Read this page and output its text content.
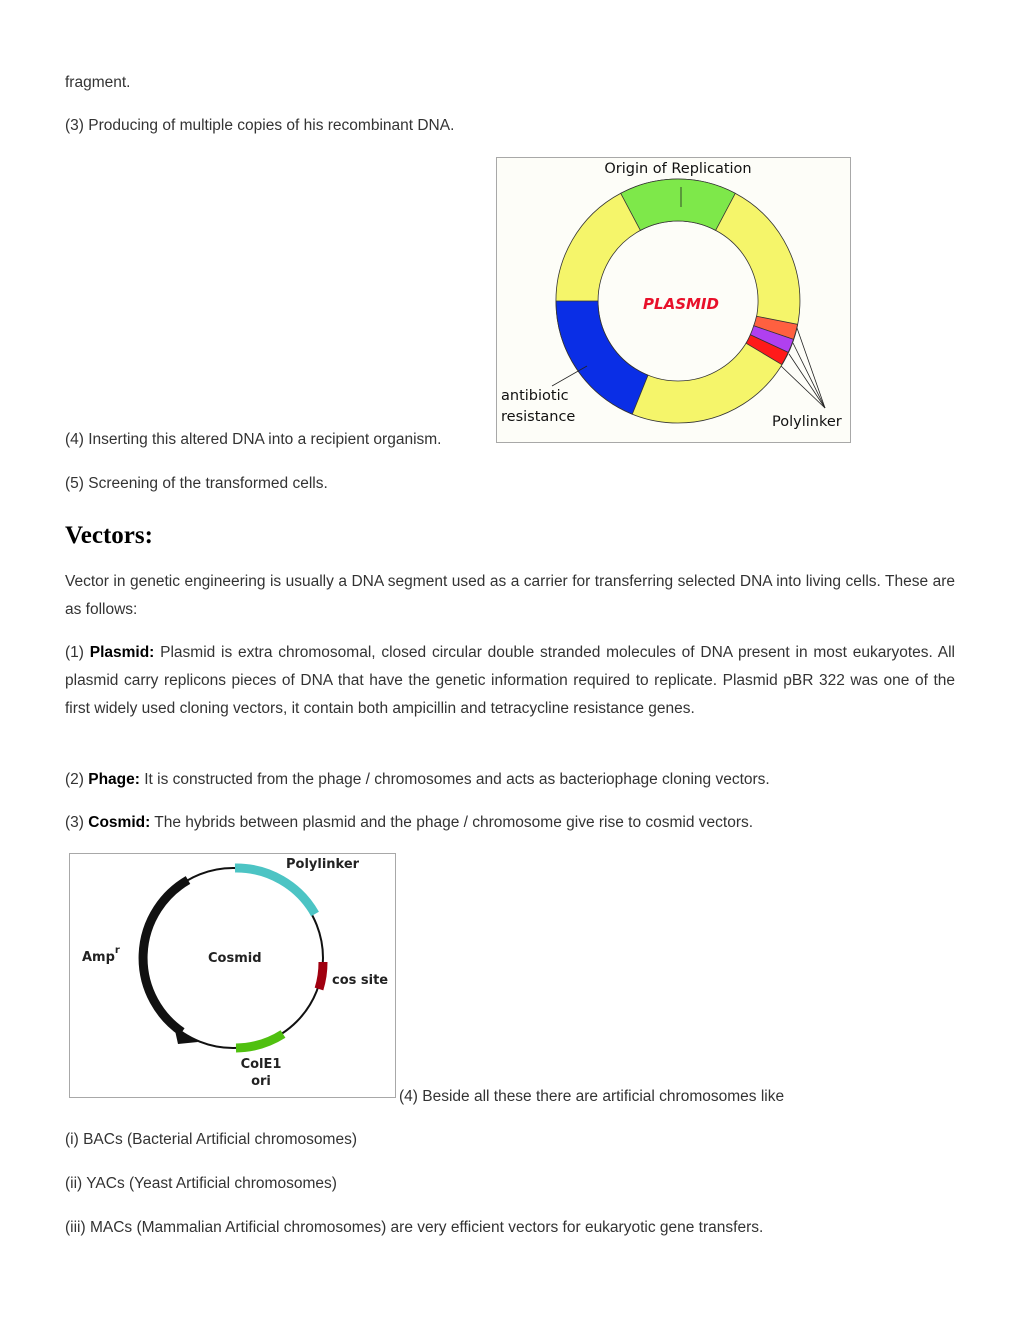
fragment.

(3) Producing of multiple copies of his recombinant DNA.

Origin of Replication
PLASMID
antibiotic
resistance	Polylinker

(4) Inserting this altered DNA into a recipient organism.

(5) Screening of the transformed cells.

Vectors:

Vector in genetic engineering is usually a DNA segment used as a carrier for transferring selected DNA into living cells. These are as follows:

(1) Plasmid: Plasmid is extra chromosomal, closed circular double stranded molecules of DNA present in most eukaryotes. All plasmid carry replicons pieces of DNA that have the genetic information required to replicate. Plasmid pBR 322 was one of the first widely used cloning vectors, it contain both ampicillin and tetracycline resistance genes.

(2) Phage: It is constructed from the phage / chromosomes and acts as bacteriophage cloning vectors.

(3) Cosmid: The hybrids between plasmid and the phage / chromosome give rise to cosmid vectors.

Polylinker
Amp$^r$
Cosmid
cos site
ColE1
ori

(4) Beside all these there are artificial chromosomes like

(i) BACs (Bacterial Artificial chromosomes)

(ii) YACs (Yeast Artificial chromosomes)

(iii) MACs (Mammalian Artificial chromosomes) are very efficient vectors for eukaryotic gene transfers.
